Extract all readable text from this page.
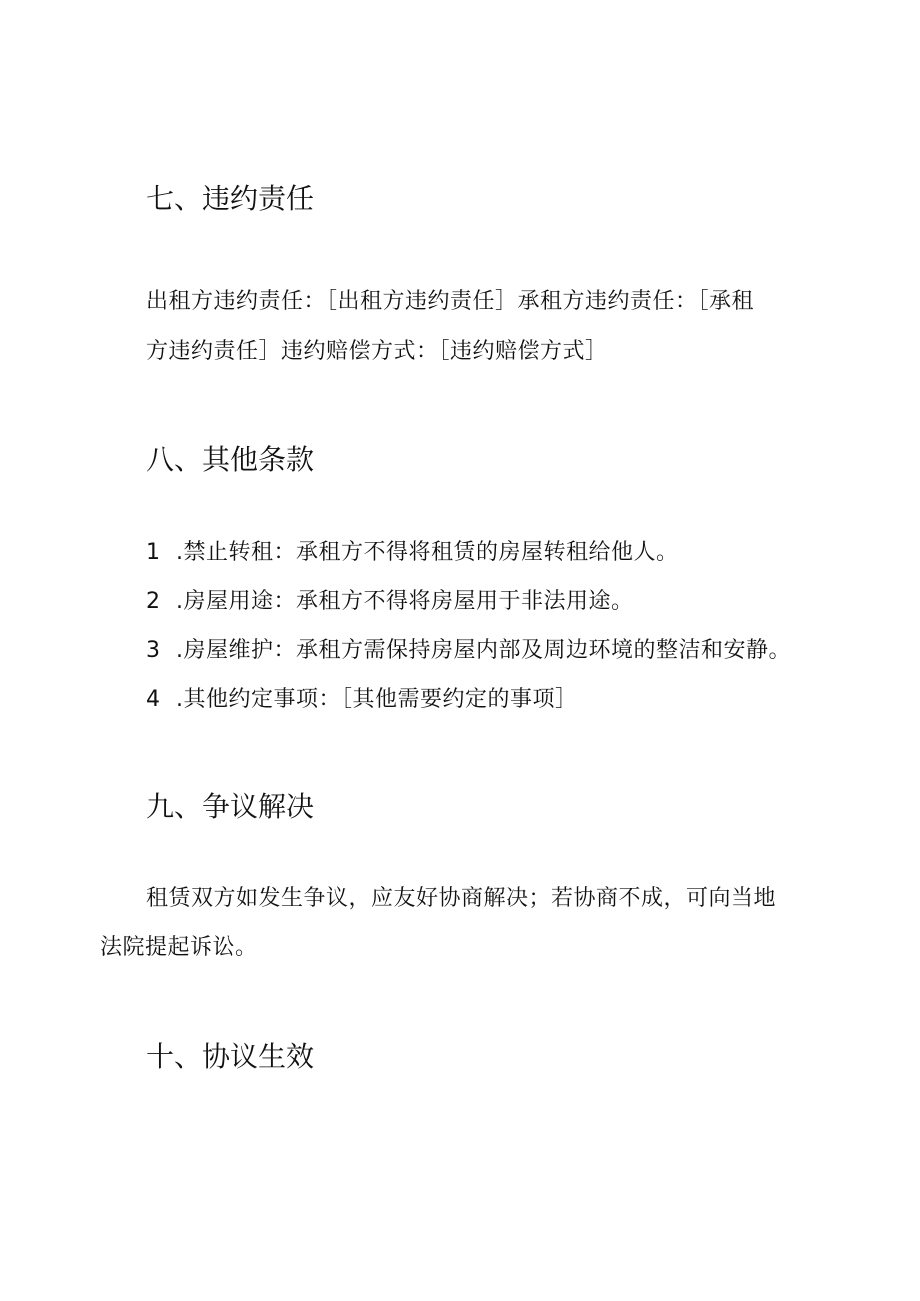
七、违约责任
出租方违约责任：［出租方违约责任］承租方违约责任：［承租
方违约责任］违约赔偿方式：［违约赔偿方式］
八、其他条款
1 .禁止转租：承租方不得将租赁的房屋转租给他人。
2 .房屋用途：承租方不得将房屋用于非法用途。
3 .房屋维护：承租方需保持房屋内部及周边环境的整洁和安静。
4 .其他约定事项：［其他需要约定的事项］
九、争议解决
租赁双方如发生争议，应友好协商解决；若协商不成，可向当地
法院提起诉讼。
十、协议生效
